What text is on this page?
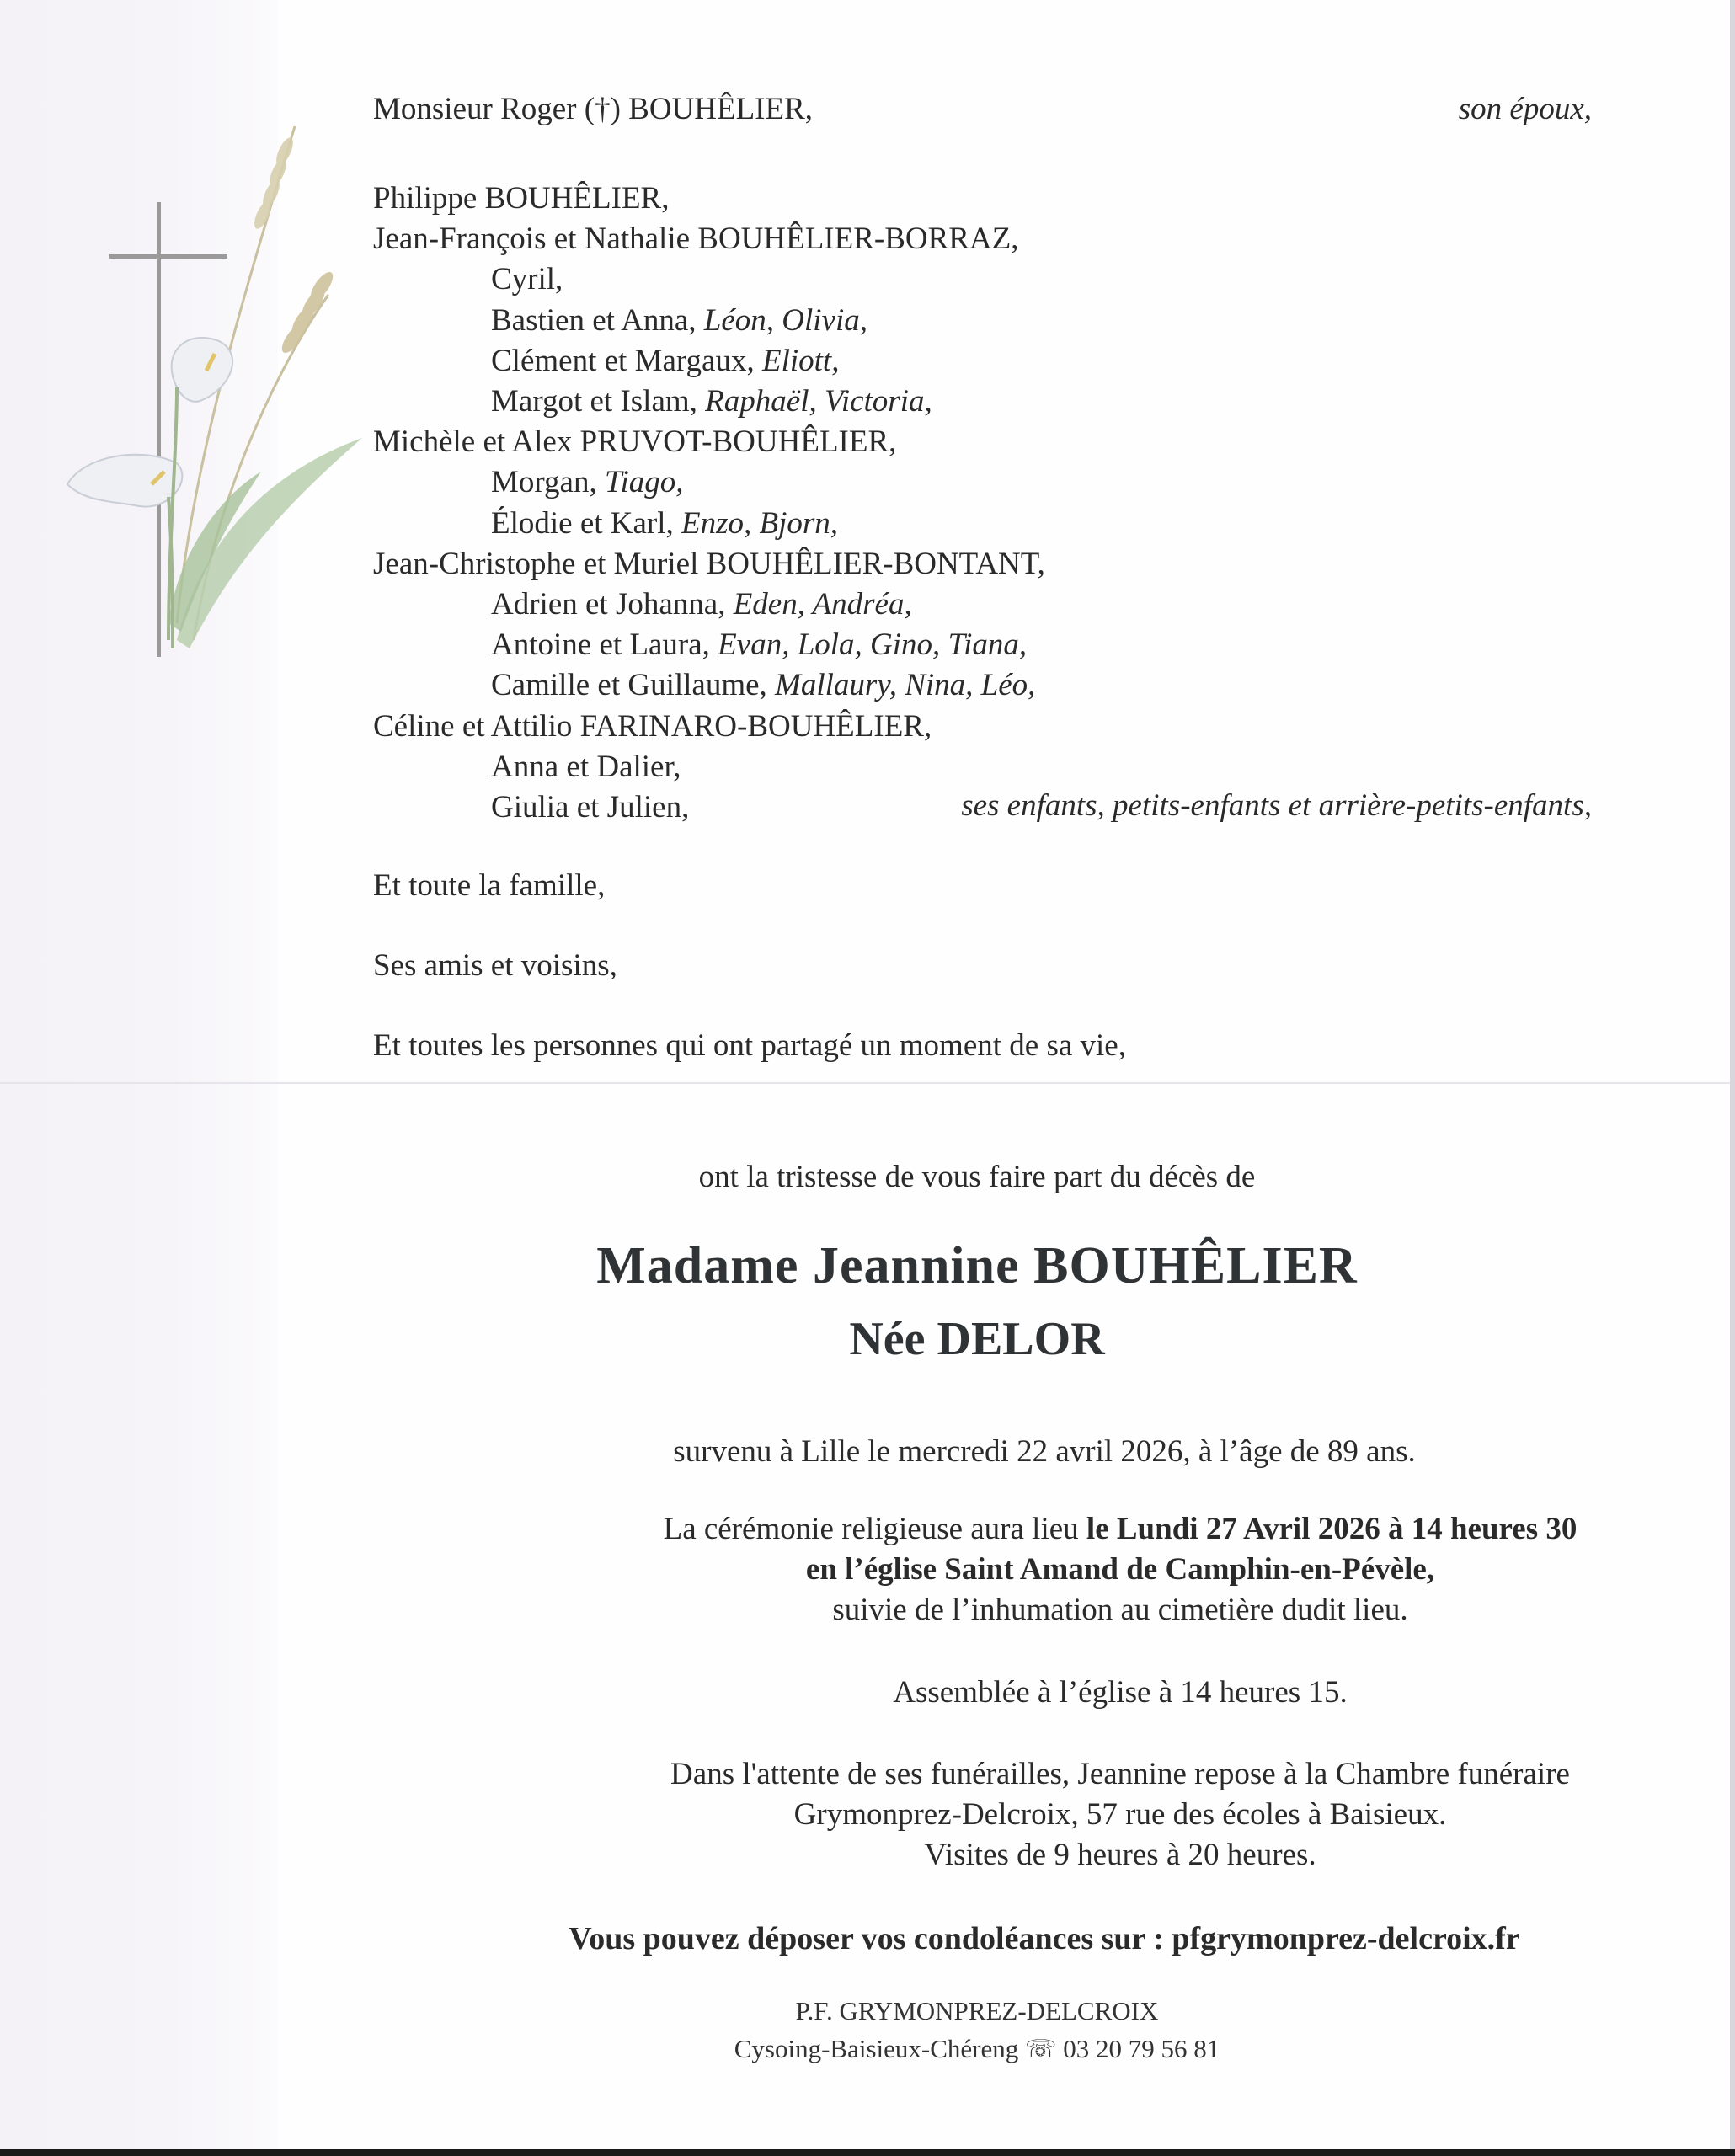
Monsieur Roger (†) BOUHÊLIER,	son époux,
Philippe BOUHÊLIER,
Jean-François et Nathalie BOUHÊLIER-BORRAZ,
Cyril,
Bastien et Anna, Léon, Olivia,
Clément et Margaux, Eliott,
Margot et Islam, Raphaël, Victoria,
Michèle et Alex PRUVOT-BOUHÊLIER,
Morgan, Tiago,
Élodie et Karl, Enzo, Bjorn,
Jean-Christophe et Muriel BOUHÊLIER-BONTANT,
Adrien et Johanna, Eden, Andréa,
Antoine et Laura, Evan, Lola, Gino, Tiana,
Camille et Guillaume, Mallaury, Nina, Léo,
Céline et Attilio FARINARO-BOUHÊLIER,
Anna et Dalier,
Giulia et Julien,	ses enfants, petits-enfants et arrière-petits-enfants,
Et toute la famille,
Ses amis et voisins,
Et toutes les personnes qui ont partagé un moment de sa vie,
ont la tristesse de vous faire part du décès de
Madame Jeannine BOUHÊLIER
Née DELOR
survenu à Lille le mercredi 22 avril 2026, à l’âge de 89 ans.
La cérémonie religieuse aura lieu le Lundi 27 Avril 2026 à 14 heures 30
en l’église Saint Amand de Camphin-en-Pévèle,
suivie de l’inhumation au cimetière dudit lieu.
Assemblée à l’église à 14 heures 15.
Dans l'attente de ses funérailles, Jeannine repose à la Chambre funéraire
Grymonprez-Delcroix, 57 rue des écoles à Baisieux.
Visites de 9 heures à 20 heures.
Vous pouvez déposer vos condoléances sur : pfgrymonprez-delcroix.fr
P.F. GRYMONPREZ-DELCROIX
Cysoing-Baisieux-Chéreng ☏ 03 20 79 56 81
